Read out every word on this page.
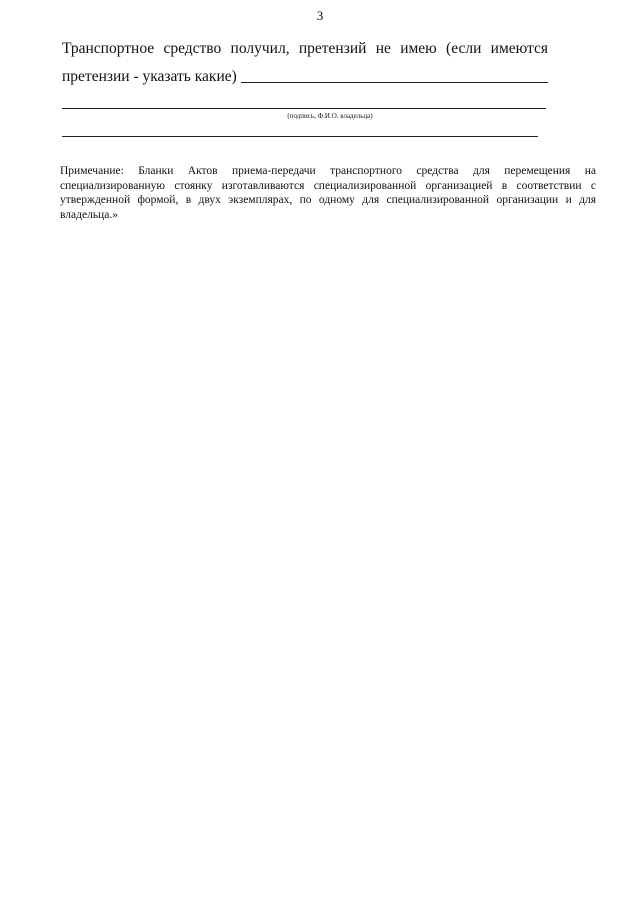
3
Транспортное средство получил, претензий не имею (если имеются
претензии - указать какие)
(подпись, Ф.И.О. владельца)
Примечание: Бланки Актов приема-передачи транспортного средства для перемещения на специализированную стоянку изготавливаются специализированной организацией в соответствии с утвержденной формой, в двух экземплярах, по одному для специализированной организации и для владельца.»
